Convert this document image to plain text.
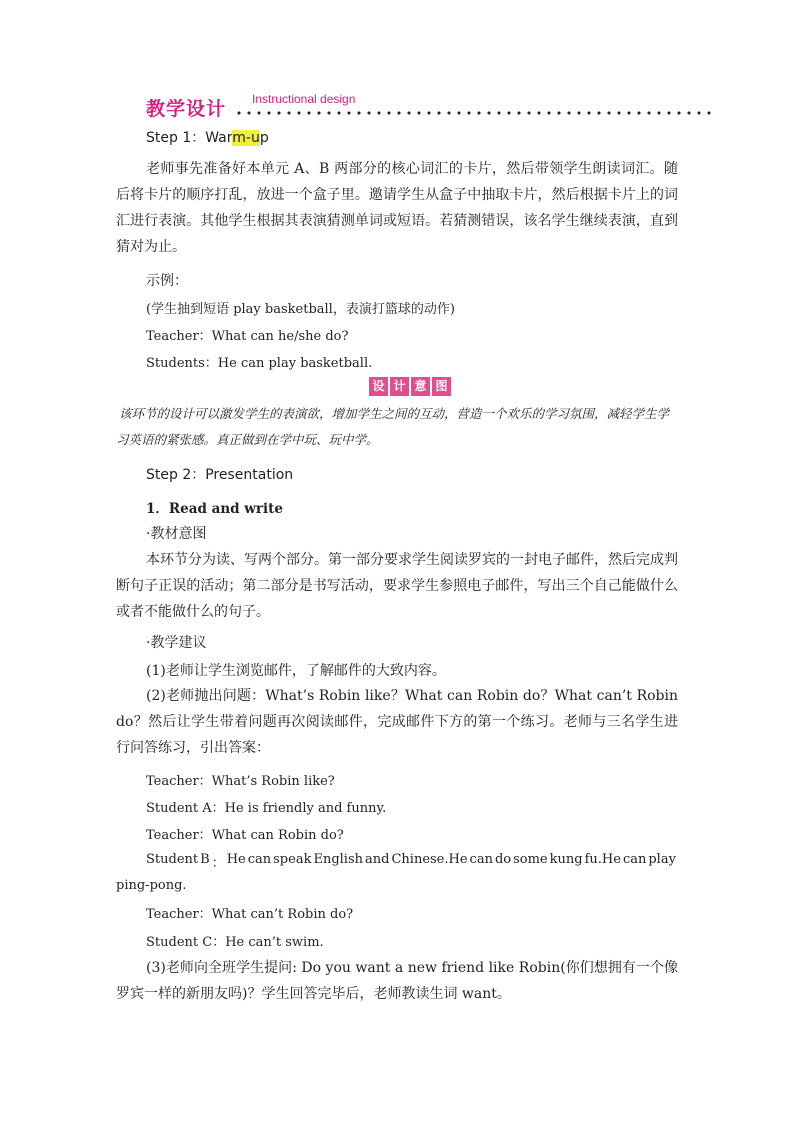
教学设计 Instructional design
Step 1：Warm-up

老师事先准备好本单元 A、B 两部分的核心词汇的卡片，然后带领学生朗读词汇。随后将卡片的顺序打乱，放进一个盒子里。邀请学生从盒子中抽取卡片，然后根据卡片上的词汇进行表演。其他学生根据其表演猜测单词或短语。若猜测错误，该名学生继续表演，直到猜对为止。

示例：
(学生抽到短语 play basketball，表演打篮球的动作)
Teacher：What can he/she do?
Students：He can play basketball.
设 计 意 图

该环节的设计可以激发学生的表演欲，增加学生之间的互动，营造一个欢乐的学习氛围，减轻学生学习英语的紧张感。真正做到在学中玩、玩中学。

Step 2：Presentation
1．Read and write
·教材意图

本环节分为读、写两个部分。第一部分要求学生阅读罗宾的一封电子邮件，然后完成判断句子正误的活动；第二部分是书写活动，要求学生参照电子邮件，写出三个自己能做什么或者不能做什么的句子。

·教学建议
(1)老师让学生浏览邮件，了解邮件的大致内容。

(2)老师抛出问题：What’s Robin like？What can Robin do？What can’t Robin do？然后让学生带着问题再次阅读邮件，完成邮件下方的第一个练习。老师与三名学生进行问答练习，引出答案：

Teacher：What’s Robin like?
Student A：He is friendly and funny.
Teacher：What can Robin do?
Student B ： He can speak English and Chinese.He can do some kung fu.He can play
ping-pong.
Teacher：What can’t Robin do?
Student C：He can’t swim.

(3)老师向全班学生提问: Do you want a new friend like Robin(你们想拥有一个像罗宾一样的新朋友吗)？学生回答完毕后，老师教读生词 want。
